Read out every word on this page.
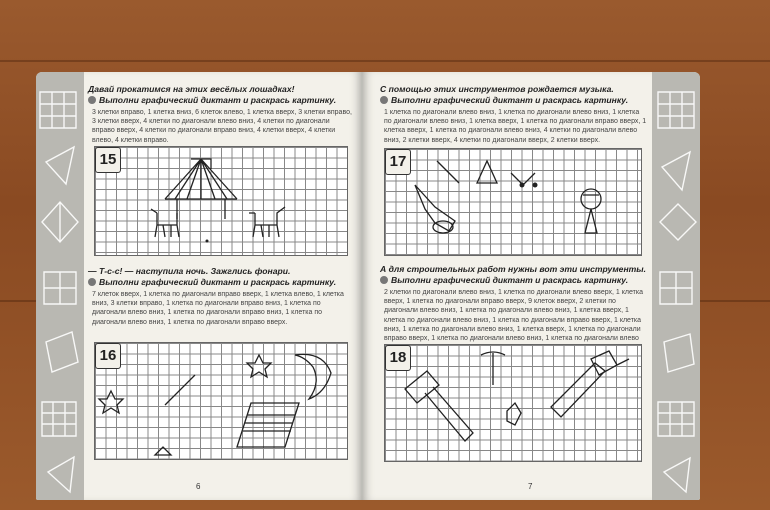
Давай прокатимся на этих весёлых лошадках!
Выполни графический диктант и раскрась картинку.
3 клетки вправо, 1 клетка вниз, 6 клеток влево, 1 клетка вверх, 3 клетки вправо, 3 клетки вверх, 4 клетки по диагонали влево вниз, 4 клетки по диагонали вправо вверх, 4 клетки по диагонали вправо вниз, 4 клетки вверх, 4 клетки влево, 4 клетки вправо.
15
— Т-с-с! — наступила ночь. Зажглись фонари.
Выполни графический диктант и раскрась картинку.
7 клеток вверх, 1 клетка по диагонали вправо вверх, 1 клетка влево, 1 клетка вниз, 3 клетки вправо, 1 клетка по диагонали вправо вниз, 1 клетка по диагонали влево вниз, 1 клетка по диагонали вправо вниз, 1 клетка по диагонали влево вниз, 1 клетка по диагонали вправо вверх.
16
6
С помощью этих инструментов рождается музыка.
Выполни графический диктант и раскрась картинку.
1 клетка по диагонали влево вниз, 1 клетка по диагонали влево вниз, 1 клетка по диагонали влево вниз, 1 клетка вверх, 1 клетка по диагонали вправо вверх, 1 клетка вверх, 1 клетка по диагонали влево вниз, 4 клетки по диагонали влево вниз, 2 клетки вверх, 4 клетки по диагонали вверх, 2 клетки вверх.
17
А для строительных работ нужны вот эти инструменты.
Выполни графический диктант и раскрась картинку.
2 клетки по диагонали влево вниз, 1 клетка по диагонали влево вверх, 1 клетка вверх, 1 клетка по диагонали вправо вверх, 9 клеток вверх, 2 клетки по диагонали влево вниз, 1 клетка по диагонали влево вниз, 1 клетка вверх, 1 клетка по диагонали влево вниз, 1 клетка по диагонали вправо вверх, 1 клетка вниз, 1 клетка по диагонали влево вниз, 1 клетка вверх, 1 клетка по диагонали вправо вверх, 1 клетка по диагонали влево вниз, 1 клетка по диагонали влево
18
7
